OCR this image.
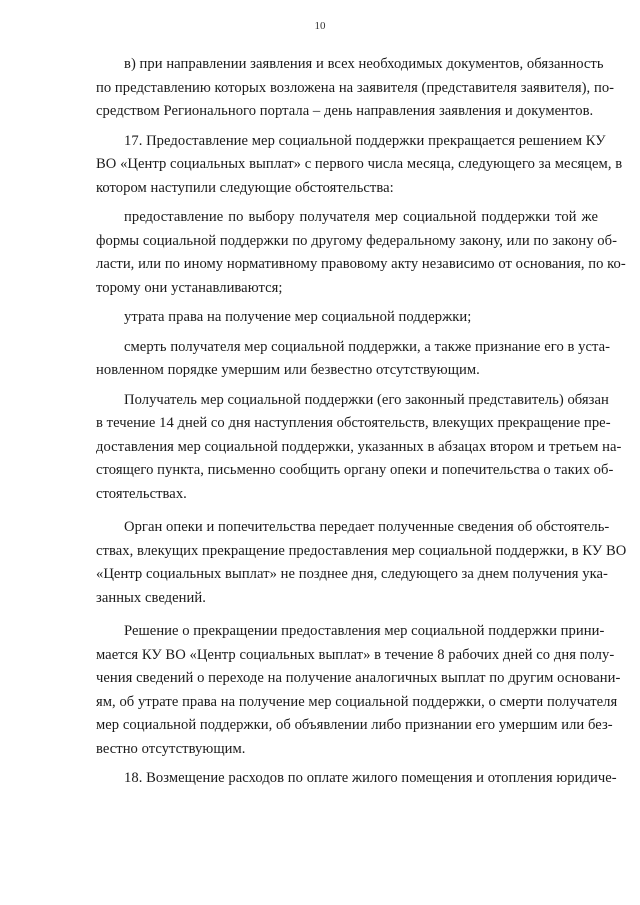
10
в) при направлении заявления и всех необходимых документов, обязанность
по представлению которых возложена на заявителя (представителя заявителя), по-
средством Регионального портала – день направления заявления и документов.
17. Предоставление мер социальной поддержки прекращается решением КУ
ВО «Центр социальных выплат» с первого числа месяца, следующего за месяцем, в
котором наступили следующие обстоятельства:
предоставление по выбору получателя мер социальной поддержки той же
формы социальной поддержки по другому федеральному закону, или по закону об-
ласти, или по иному нормативному правовому акту независимо от основания, по ко-
торому они устанавливаются;
утрата права на получение мер социальной поддержки;
смерть получателя мер социальной поддержки, а также признание его в уста-
новленном порядке умершим или безвестно отсутствующим.
Получатель мер социальной поддержки (его законный представитель) обязан
в течение 14 дней со дня наступления обстоятельств, влекущих прекращение пре-
доставления мер социальной поддержки, указанных в абзацах втором и третьем на-
стоящего пункта, письменно сообщить органу опеки и попечительства о таких об-
стоятельствах.
Орган опеки и попечительства передает полученные сведения об обстоятель-
ствах, влекущих прекращение предоставления мер социальной поддержки, в КУ ВО
«Центр социальных выплат» не позднее дня, следующего за днем получения ука-
занных сведений.
Решение о прекращении предоставления мер социальной поддержки прини-
мается КУ ВО «Центр социальных выплат» в течение 8 рабочих дней со дня полу-
чения сведений о переходе на получение аналогичных выплат по другим основани-
ям, об утрате права на получение мер социальной поддержки, о смерти получателя
мер социальной поддержки, об объявлении либо признании его умершим или без-
вестно отсутствующим.
18. Возмещение расходов по оплате жилого помещения и отопления юридиче-
